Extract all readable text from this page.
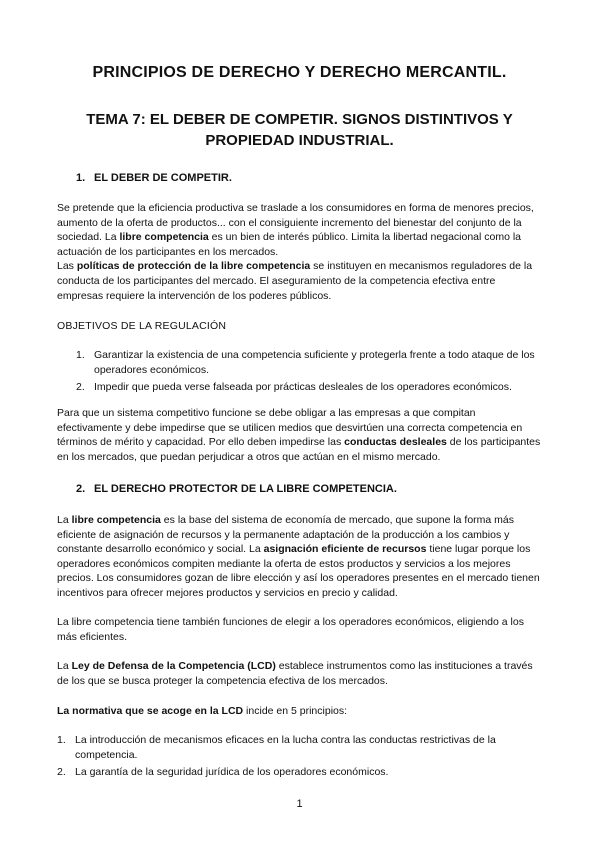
PRINCIPIOS DE DERECHO Y DERECHO MERCANTIL.
TEMA 7: EL DEBER DE COMPETIR. SIGNOS DISTINTIVOS Y PROPIEDAD INDUSTRIAL.
1. EL DEBER DE COMPETIR.

Se pretende que la eficiencia productiva se traslade a los consumidores en forma de menores precios, aumento de la oferta de productos... con el consiguiente incremento del bienestar del conjunto de la sociedad. La libre competencia es un bien de interés público. Limita la libertad negacional como la actuación de los participantes en los mercados.
Las políticas de protección de la libre competencia se instituyen en mecanismos reguladores de la conducta de los participantes del mercado. El aseguramiento de la competencia efectiva entre empresas requiere la intervención de los poderes públicos.

OBJETIVOS DE LA REGULACIÓN
1. Garantizar la existencia de una competencia suficiente y protegerla frente a todo ataque de los operadores económicos.
2. Impedir que pueda verse falseada por prácticas desleales de los operadores económicos.

Para que un sistema competitivo funcione se debe obligar a las empresas a que compitan efectivamente y debe impedirse que se utilicen medios que desvirtúen una correcta competencia en términos de mérito y capacidad. Por ello deben impedirse las conductas desleales de los participantes en los mercados, que puedan perjudicar a otros que actúan en el mismo mercado.

2. EL DERECHO PROTECTOR DE LA LIBRE COMPETENCIA.

La libre competencia es la base del sistema de economía de mercado, que supone la forma más eficiente de asignación de recursos y la permanente adaptación de la producción a los cambios y constante desarrollo económico y social. La asignación eficiente de recursos tiene lugar porque los operadores económicos compiten mediante la oferta de estos productos y servicios a los mejores precios. Los consumidores gozan de libre elección y así los operadores presentes en el mercado tienen incentivos para ofrecer mejores productos y servicios en precio y calidad.

La libre competencia tiene también funciones de elegir a los operadores económicos, eligiendo a los más eficientes.

La Ley de Defensa de la Competencia (LCD) establece instrumentos como las instituciones a través de los que se busca proteger la competencia efectiva de los mercados.

La normativa que se acoge en la LCD incide en 5 principios:

1. La introducción de mecanismos eficaces en la lucha contra las conductas restrictivas de la competencia.
2. La garantía de la seguridad jurídica de los operadores económicos.
1
